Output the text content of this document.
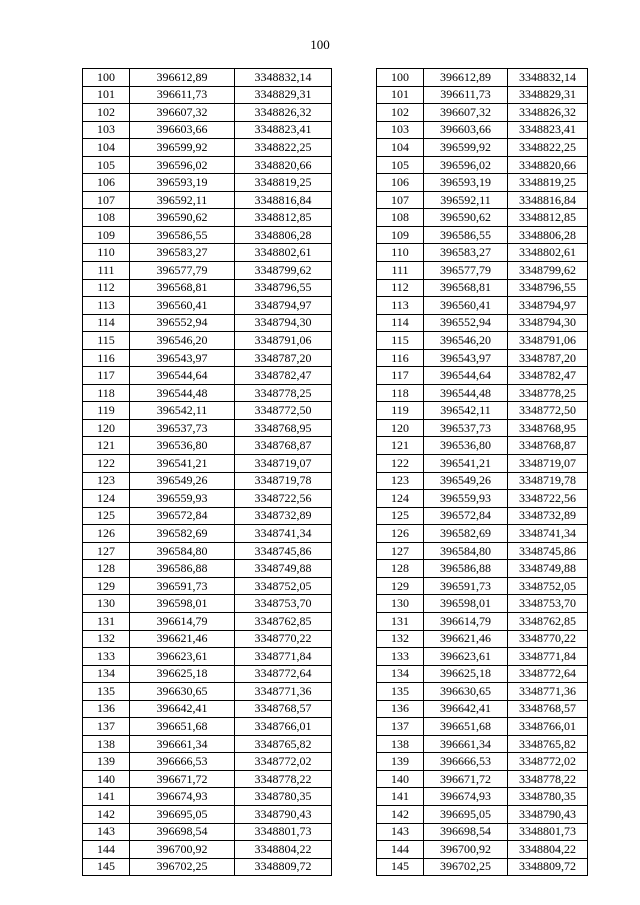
100
100	396612,89	3348832,14
101	396611,73	3348829,31
102	396607,32	3348826,32
103	396603,66	3348823,41
104	396599,92	3348822,25
105	396596,02	3348820,66
106	396593,19	3348819,25
107	396592,11	3348816,84
108	396590,62	3348812,85
109	396586,55	3348806,28
110	396583,27	3348802,61
111	396577,79	3348799,62
112	396568,81	3348796,55
113	396560,41	3348794,97
114	396552,94	3348794,30
115	396546,20	3348791,06
116	396543,97	3348787,20
117	396544,64	3348782,47
118	396544,48	3348778,25
119	396542,11	3348772,50
120	396537,73	3348768,95
121	396536,80	3348768,87
122	396541,21	3348719,07
123	396549,26	3348719,78
124	396559,93	3348722,56
125	396572,84	3348732,89
126	396582,69	3348741,34
127	396584,80	3348745,86
128	396586,88	3348749,88
129	396591,73	3348752,05
130	396598,01	3348753,70
131	396614,79	3348762,85
132	396621,46	3348770,22
133	396623,61	3348771,84
134	396625,18	3348772,64
135	396630,65	3348771,36
136	396642,41	3348768,57
137	396651,68	3348766,01
138	396661,34	3348765,82
139	396666,53	3348772,02
140	396671,72	3348778,22
141	396674,93	3348780,35
142	396695,05	3348790,43
143	396698,54	3348801,73
144	396700,92	3348804,22
145	396702,25	3348809,72
100	396612,89	3348832,14
101	396611,73	3348829,31
102	396607,32	3348826,32
103	396603,66	3348823,41
104	396599,92	3348822,25
105	396596,02	3348820,66
106	396593,19	3348819,25
107	396592,11	3348816,84
108	396590,62	3348812,85
109	396586,55	3348806,28
110	396583,27	3348802,61
111	396577,79	3348799,62
112	396568,81	3348796,55
113	396560,41	3348794,97
114	396552,94	3348794,30
115	396546,20	3348791,06
116	396543,97	3348787,20
117	396544,64	3348782,47
118	396544,48	3348778,25
119	396542,11	3348772,50
120	396537,73	3348768,95
121	396536,80	3348768,87
122	396541,21	3348719,07
123	396549,26	3348719,78
124	396559,93	3348722,56
125	396572,84	3348732,89
126	396582,69	3348741,34
127	396584,80	3348745,86
128	396586,88	3348749,88
129	396591,73	3348752,05
130	396598,01	3348753,70
131	396614,79	3348762,85
132	396621,46	3348770,22
133	396623,61	3348771,84
134	396625,18	3348772,64
135	396630,65	3348771,36
136	396642,41	3348768,57
137	396651,68	3348766,01
138	396661,34	3348765,82
139	396666,53	3348772,02
140	396671,72	3348778,22
141	396674,93	3348780,35
142	396695,05	3348790,43
143	396698,54	3348801,73
144	396700,92	3348804,22
145	396702,25	3348809,72
